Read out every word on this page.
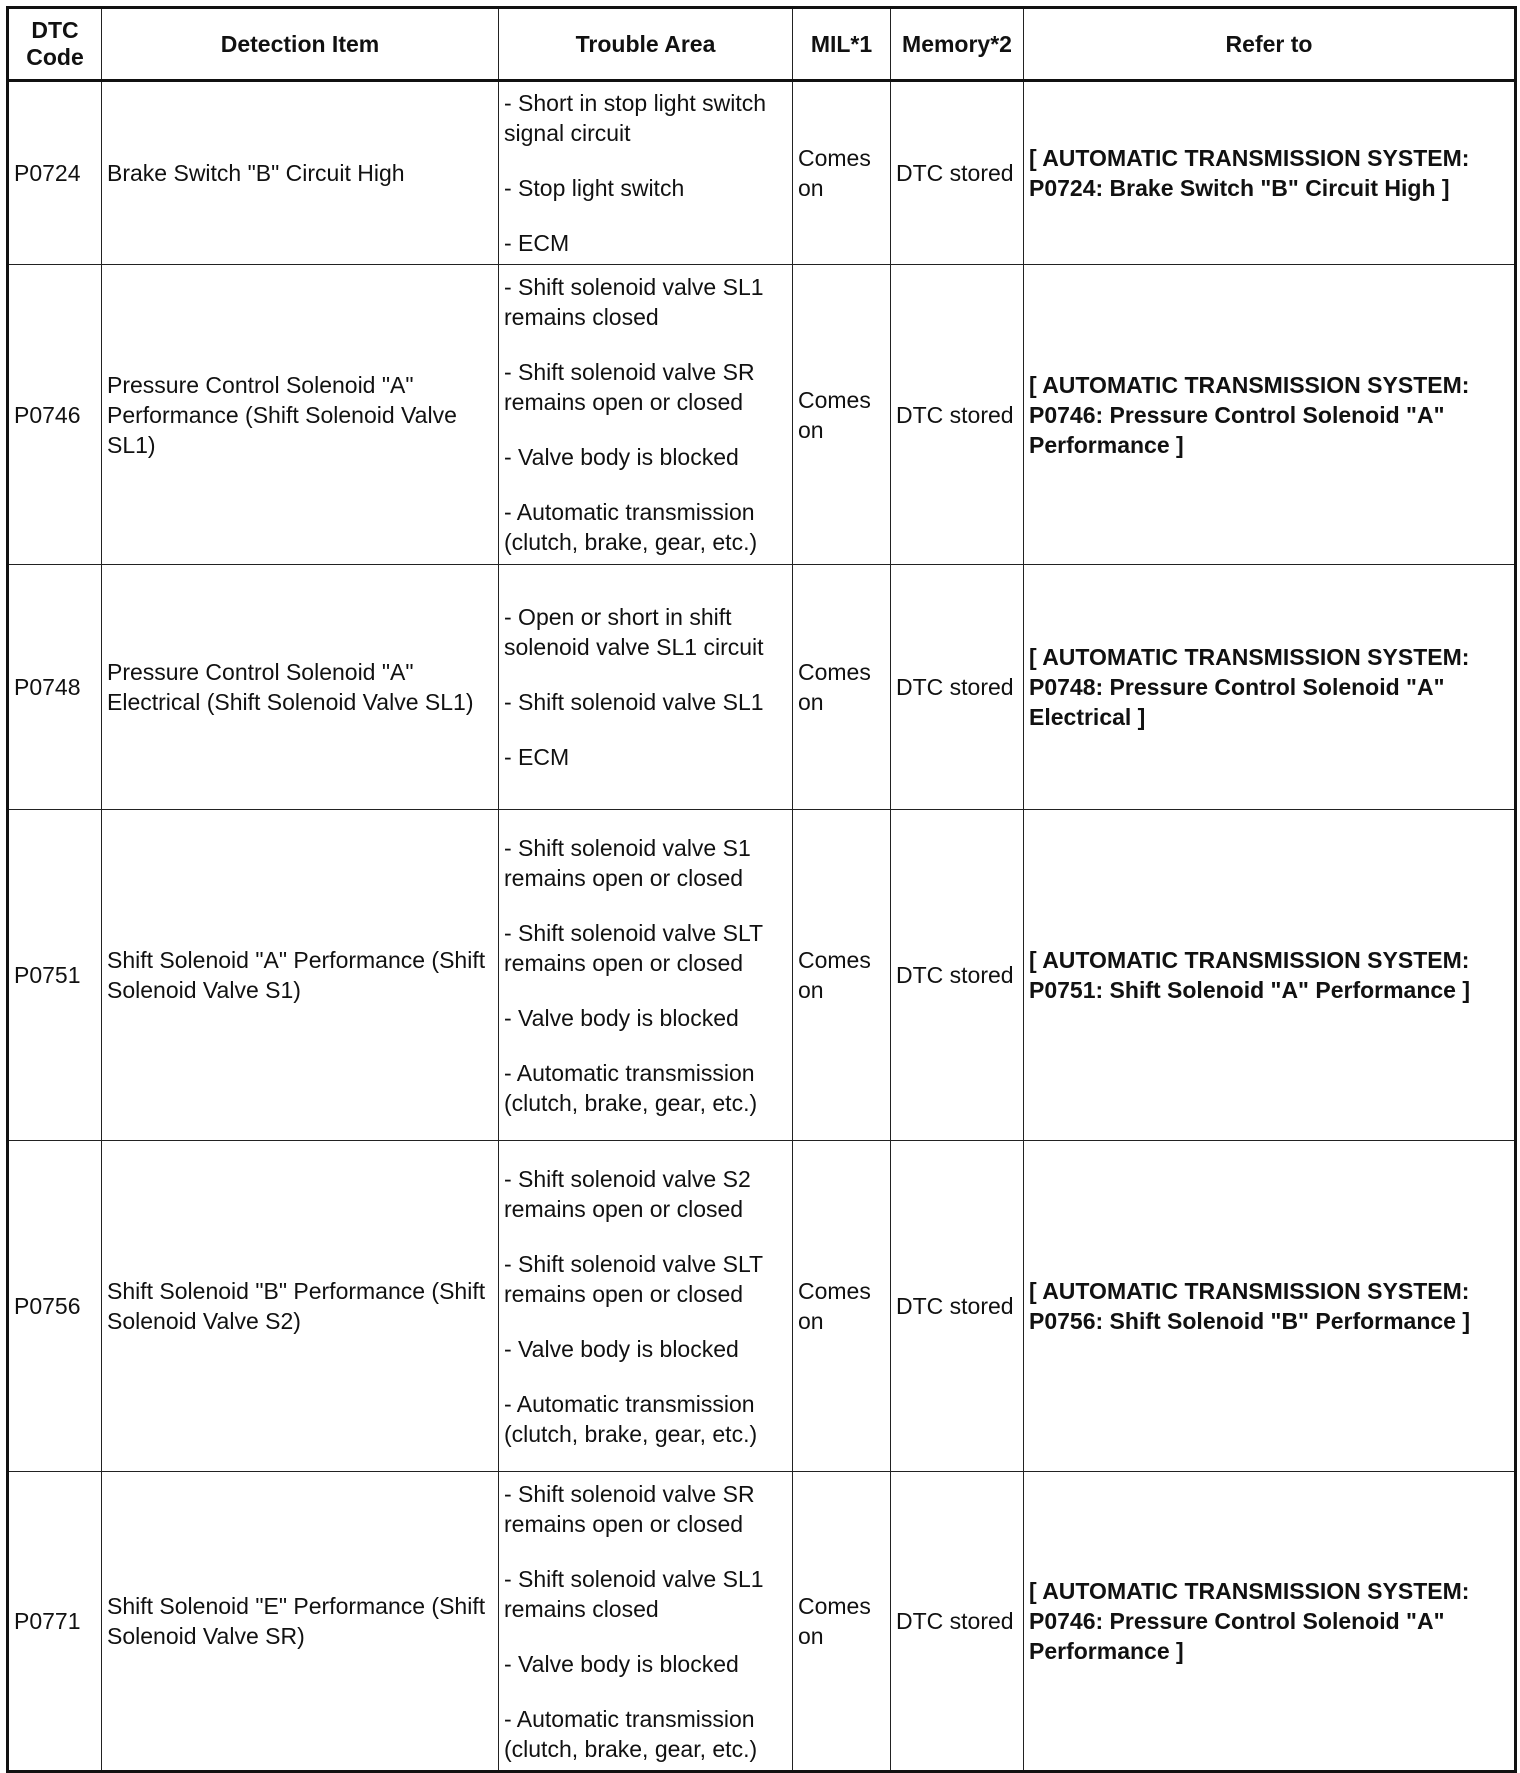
DTC
Code	Detection Item	Trouble Area	MIL*1	Memory*2	Refer to
P0724	Brake Switch "B" Circuit High	- Short in stop light switch signal circuit
- Stop light switch
- ECM	Comes on	DTC stored	[ AUTOMATIC TRANSMISSION SYSTEM: P0724: Brake Switch "B" Circuit High ]
P0746	Pressure Control Solenoid "A" Performance (Shift Solenoid Valve SL1)	- Shift solenoid valve SL1 remains closed
- Shift solenoid valve SR remains open or closed
- Valve body is blocked
- Automatic transmission (clutch, brake, gear, etc.)	Comes on	DTC stored	[ AUTOMATIC TRANSMISSION SYSTEM: P0746: Pressure Control Solenoid "A" Performance ]
P0748	Pressure Control Solenoid "A" Electrical (Shift Solenoid Valve SL1)	- Open or short in shift solenoid valve SL1 circuit
- Shift solenoid valve SL1
- ECM	Comes on	DTC stored	[ AUTOMATIC TRANSMISSION SYSTEM: P0748: Pressure Control Solenoid "A" Electrical ]
P0751	Shift Solenoid "A" Performance (Shift Solenoid Valve S1)	- Shift solenoid valve S1 remains open or closed
- Shift solenoid valve SLT remains open or closed
- Valve body is blocked
- Automatic transmission (clutch, brake, gear, etc.)	Comes on	DTC stored	[ AUTOMATIC TRANSMISSION SYSTEM: P0751: Shift Solenoid "A" Performance ]
P0756	Shift Solenoid "B" Performance (Shift Solenoid Valve S2)	- Shift solenoid valve S2 remains open or closed
- Shift solenoid valve SLT remains open or closed
- Valve body is blocked
- Automatic transmission (clutch, brake, gear, etc.)	Comes on	DTC stored	[ AUTOMATIC TRANSMISSION SYSTEM: P0756: Shift Solenoid "B" Performance ]
P0771	Shift Solenoid "E" Performance (Shift Solenoid Valve SR)	- Shift solenoid valve SR remains open or closed
- Shift solenoid valve SL1 remains closed
- Valve body is blocked
- Automatic transmission (clutch, brake, gear, etc.)	Comes on	DTC stored	[ AUTOMATIC TRANSMISSION SYSTEM: P0746: Pressure Control Solenoid "A" Performance ]
